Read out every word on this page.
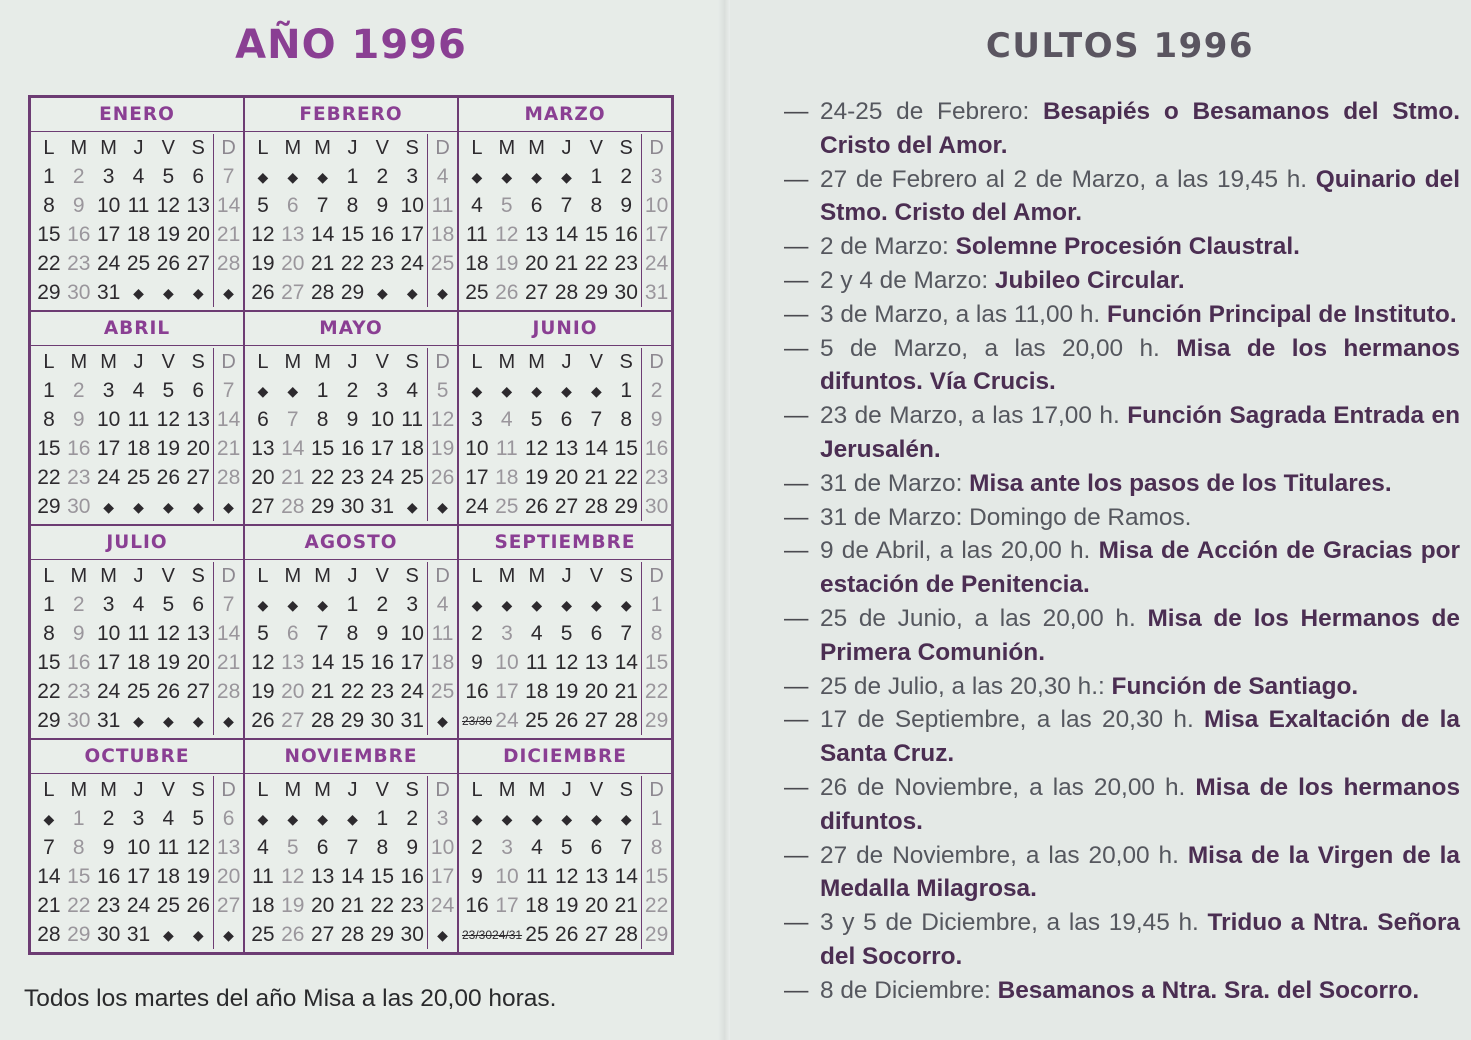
AÑO 1996
ENERO
L M M J V S D
1 2 3 4 5 6 7
8 9 10 11 12 13 14
15 16 17 18 19 20 21
22 23 24 25 26 27 28
29 30 31 ◆	◆	◆	◆
FEBRERO
L M M J V S D
◆	◆	◆ 1 2 3 4
5 6 7 8 9 10 11
12 13 14 15 16 17 18
19 20 21 22 23 24 25
26 27 28 29 ◆	◆	◆
MARZO
L M M J V S D
◆	◆	◆	◆ 1 2 3
4 5 6 7 8 9 10
11 12 13 14 15 16 17
18 19 20 21 22 23 24
25 26 27 28 29 30 31
ABRIL
L M M J V S D
1 2 3 4 5 6 7
8 9 10 11 12 13 14
15 16 17 18 19 20 21
22 23 24 25 26 27 28
29 30 ◆	◆	◆	◆	◆
MAYO
L M M J V S D
◆	◆ 1 2 3 4 5
6 7 8 9 10 11 12
13 14 15 16 17 18 19
20 21 22 23 24 25 26
27 28 29 30 31 ◆	◆
JUNIO
L M M J V S D
◆	◆	◆	◆	◆ 1 2
3 4 5 6 7 8 9
10 11 12 13 14 15 16
17 18 19 20 21 22 23
24 25 26 27 28 29 30
JULIO
L M M J V S D
1 2 3 4 5 6 7
8 9 10 11 12 13 14
15 16 17 18 19 20 21
22 23 24 25 26 27 28
29 30 31 ◆	◆	◆	◆
AGOSTO
L M M J V S D
◆	◆	◆ 1 2 3 4
5 6 7 8 9 10 11
12 13 14 15 16 17 18
19 20 21 22 23 24 25
26 27 28 29 30 31 ◆
SEPTIEMBRE
L M M J V S D
◆	◆	◆	◆	◆	◆ 1
2 3 4 5 6 7 8
9 10 11 12 13 14 15
16 17 18 19 20 21 22
23/30 24 25 26 27 28 29
OCTUBRE
L M M J V S D
◆ 1 2 3 4 5 6
7 8 9 10 11 12 13
14 15 16 17 18 19 20
21 22 23 24 25 26 27
28 29 30 31 ◆	◆	◆
NOVIEMBRE
L M M J V S D
◆	◆	◆	◆ 1 2 3
4 5 6 7 8 9 10
11 12 13 14 15 16 17
18 19 20 21 22 23 24
25 26 27 28 29 30 ◆
DICIEMBRE
L M M J V S D
◆	◆	◆	◆	◆	◆ 1
2 3 4 5 6 7 8
9 10 11 12 13 14 15
16 17 18 19 20 21 22
23/30 24/31 25 26 27 28 29
Todos los martes del año Misa a las 20,00 horas.
CULTOS 1996
— 24-25 de Febrero: Besapiés o Besamanos del Stmo. Cristo del Amor.
— 27 de Febrero al 2 de Marzo, a las 19,45 h. Quinario del Stmo. Cristo del Amor.
— 2 de Marzo: Solemne Procesión Claustral.
— 2 y 4 de Marzo: Jubileo Circular.
— 3 de Marzo, a las 11,00 h. Función Principal de Instituto.
— 5 de Marzo, a las 20,00 h. Misa de los hermanos difuntos. Vía Crucis.
— 23 de Marzo, a las 17,00 h. Función Sagrada Entrada en Jerusalén.
— 31 de Marzo: Misa ante los pasos de los Titulares.
— 31 de Marzo: Domingo de Ramos.
— 9 de Abril, a las 20,00 h. Misa de Acción de Gracias por estación de Penitencia.
— 25 de Junio, a las 20,00 h. Misa de los Hermanos de Primera Comunión.
— 25 de Julio, a las 20,30 h.: Función de Santiago.
— 17 de Septiembre, a las 20,30 h. Misa Exaltación de la Santa Cruz.
— 26 de Noviembre, a las 20,00 h. Misa de los hermanos difuntos.
— 27 de Noviembre, a las 20,00 h. Misa de la Virgen de la Medalla Milagrosa.
— 3 y 5 de Diciembre, a las 19,45 h. Triduo a Ntra. Señora del Socorro.
— 8 de Diciembre: Besamanos a Ntra. Sra. del Socorro.
